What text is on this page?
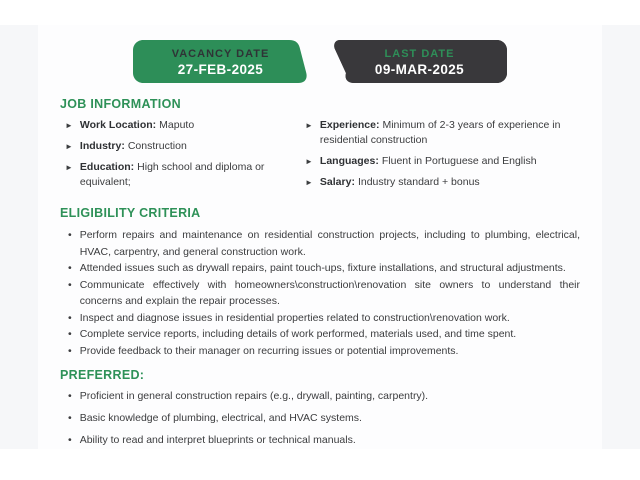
VACANCY DATE
27-FEB-2025
LAST DATE
09-MAR-2025
JOB INFORMATION
► Work Location: Maputo
► Industry: Construction
► Education: High school and diploma or equivalent;
► Experience: Minimum of 2-3 years of experience in residential construction
► Languages: Fluent in Portuguese and English
► Salary: Industry standard + bonus
ELIGIBILITY CRITERIA
• Perform repairs and maintenance on residential construction projects, including to plumbing, electrical, HVAC, carpentry, and general construction work.
• Attended issues such as drywall repairs, paint touch-ups, fixture installations, and structural adjustments.
• Communicate effectively with homeowners\construction\renovation site owners to understand their concerns and explain the repair processes.
• Inspect and diagnose issues in residential properties related to construction\renovation work.
• Complete service reports, including details of work performed, materials used, and time spent.
• Provide feedback to their manager on recurring issues or potential improvements.
PREFERRED:
• Proficient in general construction repairs (e.g., drywall, painting, carpentry).
• Basic knowledge of plumbing, electrical, and HVAC systems.
• Ability to read and interpret blueprints or technical manuals.
